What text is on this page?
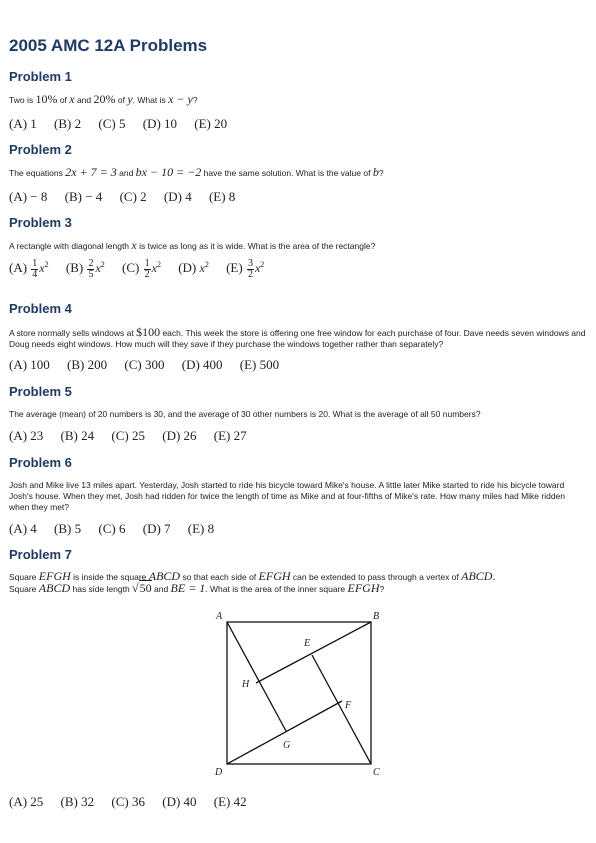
2005 AMC 12A Problems
Problem 1

Two is 10% of x and 20% of y. What is x − y?

(A) 1 (B) 2 (C) 5 (D) 10 (E) 20
Problem 2

The equations 2x + 7 = 3 and bx − 10 = −2 have the same solution. What is the value of b?

(A) − 8 (B) − 4 (C) 2 (D) 4 (E) 8
Problem 3

A rectangle with diagonal length x is twice as long as it is wide. What is the area of the rectangle?

$(A) \frac{1}{4} x^2$ $(B) \frac{2}{5} x^2$ $(C) \frac{1}{2} x^2$ (D) $x^2$ $(E) \frac{3}{2} x^2$
Problem 4

A store normally sells windows at $100 each. This week the store is offering one free window for each purchase of four. Dave needs seven windows and Doug needs eight windows. How much will they save if they purchase the windows together rather than separately?

(A) 100 (B) 200 (C) 300 (D) 400 (E) 500
Problem 5

The average (mean) of 20 numbers is 30, and the average of 30 other numbers is 20. What is the average of all 50 numbers?

(A) 23 (B) 24 (C) 25 (D) 26 (E) 27
Problem 6

Josh and Mike live 13 miles apart. Yesterday, Josh started to ride his bicycle toward Mike's house. A little later Mike started to ride his bicycle toward Josh's house. When they met, Josh had ridden for twice the length of time as Mike and at four-fifths of Mike's rate. How many miles had Mike ridden when they met?

(A) 4 (B) 5 (C) 6 (D) 7 (E) 8
Problem 7

Square EFGH is inside the square ABCD so that each side of EFGH can be extended to pass through a vertex of ABCD.
Square ABCD has side length √50 and BE = 1. What is the area of the inner square EFGH?

A	B
C
D
E
F
G
H
(A) 25 (B) 32 (C) 36 (D) 40 (E) 42
